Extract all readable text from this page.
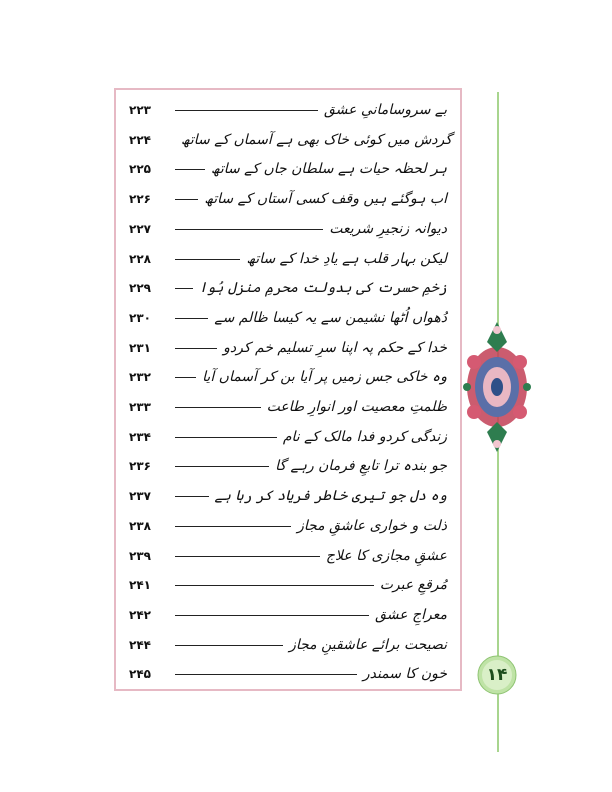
۲۲۳	بے سروسامانیِ عشق
۲۲۴	گردش میں کوئی خاک بھی ہے آسماں کے ساتھ
۲۲۵	ہر لحظہ حیات ہے سلطان جاں کے ساتھ
۲۲۶	اب ہوگئے ہیں وقف کسی آستاں کے ساتھ
۲۲۷	دیوانہ زنجیرِ شریعت
۲۲۸	لیکن بہار قلب ہے یادِ خدا کے ساتھ
۲۲۹	زخمِ حسرت کی بدولت محرمِ منزل ہُوا
۲۳۰	دُھواں اُٹھا نشیمن سے یہ کیسا ظالم سے
۲۳۱	خدا کے حکم پہ اپنا سرِ تسلیم خم کردو
۲۳۲	وہ خاکی جس زمیں پر آیا بن کر آسماں آیا
۲۳۳	ظلمتِ معصیت اور انوارِ طاعت
۲۳۴	زندگی کردو فدا مالک کے نام
۲۳۶	جو بندہ ترا تابعِ فرمان رہے گا
۲۳۷	وہ دل جو تیری خاطر فریاد کر رہا ہے
۲۳۸	ذلت و خواری عاشقِ مجاز
۲۳۹	عشقِ مجازی کا علاج
۲۴۱	مُرقعِ عبرت
۲۴۲	معراجِ عشق
۲۴۴	نصیحت برائے عاشقینِ مجاز
۲۴۵	خون کا سمندر	۱۴
